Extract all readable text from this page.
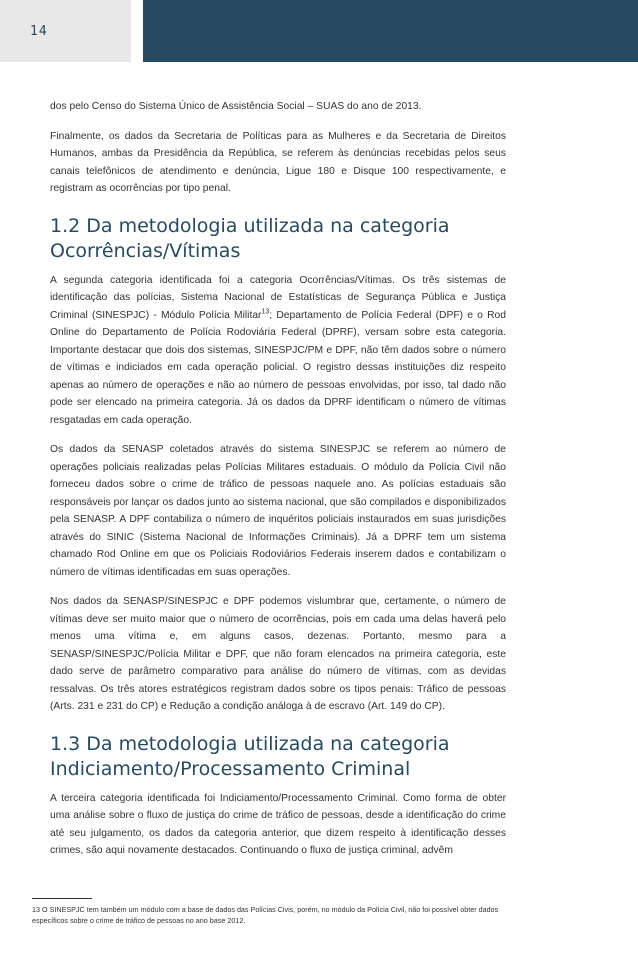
14

dos pelo Censo do Sistema Único de Assistência Social – SUAS do ano de 2013.

Finalmente, os dados da Secretaria de Políticas para as Mulheres e da Secretaria de Direitos Humanos, ambas da Presidência da República, se referem às denúncias recebidas pelos seus canais telefônicos de atendimento e denúncia, Ligue 180 e Disque 100 respectivamente, e registram as ocorrências por tipo penal.

1.2 Da metodologia utilizada na categoria Ocorrências/Vítimas

A segunda categoria identificada foi a categoria Ocorrências/Vítimas. Os três sistemas de identificação das polícias, Sistema Nacional de Estatísticas de Segurança Pública e Justiça Criminal (SINESPJC) - Módulo Polícia Militar$^{13}$; Departamento de Polícia Federal (DPF) e o Rod Online do Departamento de Polícia Rodoviária Federal (DPRF), versam sobre esta categoria. Importante destacar que dois dos sistemas, SINESPJC/PM e DPF, não têm dados sobre o número de vítimas e indiciados em cada operação policial. O registro dessas instituições diz respeito apenas ao número de operações e não ao número de pessoas envolvidas, por isso, tal dado não pode ser elencado na primeira categoria. Já os dados da DPRF identificam o número de vítimas resgatadas em cada operação.

Os dados da SENASP coletados através do sistema SINESPJC se referem ao número de operações policiais realizadas pelas Polícias Militares estaduais. O módulo da Polícia Civil não forneceu dados sobre o crime de tráfico de pessoas naquele ano. As polícias estaduais são responsáveis por lançar os dados junto ao sistema nacional, que são compilados e disponibilizados pela SENASP. A DPF contabiliza o número de inquéritos policiais instaurados em suas jurisdições através do SINIC (Sistema Nacional de Informações Criminais). Já a DPRF tem um sistema chamado Rod Online em que os Policiais Rodoviários Federais inserem dados e contabilizam o número de vítimas identificadas em suas operações.

Nos dados da SENASP/SINESPJC e DPF podemos vislumbrar que, certamente, o número de vítimas deve ser muito maior que o número de ocorrências, pois em cada uma delas haverá pelo menos uma vítima e, em alguns casos, dezenas. Portanto, mesmo para a SENASP/SINESPJC/Polícia Militar e DPF, que não foram elencados na primeira categoria, este dado serve de parâmetro comparativo para análise do número de vítimas, com as devidas ressalvas. Os três atores estratégicos registram dados sobre os tipos penais: Tráfico de pessoas (Arts. 231 e 231 do CP) e Redução a condição análoga à de escravo (Art. 149 do CP).

1.3 Da metodologia utilizada na categoria Indiciamento/Processamento Criminal

A terceira categoria identificada foi Indiciamento/Processamento Criminal. Como forma de obter uma análise sobre o fluxo de justiça do crime de tráfico de pessoas, desde a identificação do crime até seu julgamento, os dados da categoria anterior, que dizem respeito à identificação desses crimes, são aqui novamente destacados. Continuando o fluxo de justiça criminal, advêm

13 O SINESPJC tem também um módulo com a base de dados das Polícias Civis, porém, no módulo da Polícia Civil, não foi possível obter dados específicos sobre o crime de tráfico de pessoas no ano base 2012.
